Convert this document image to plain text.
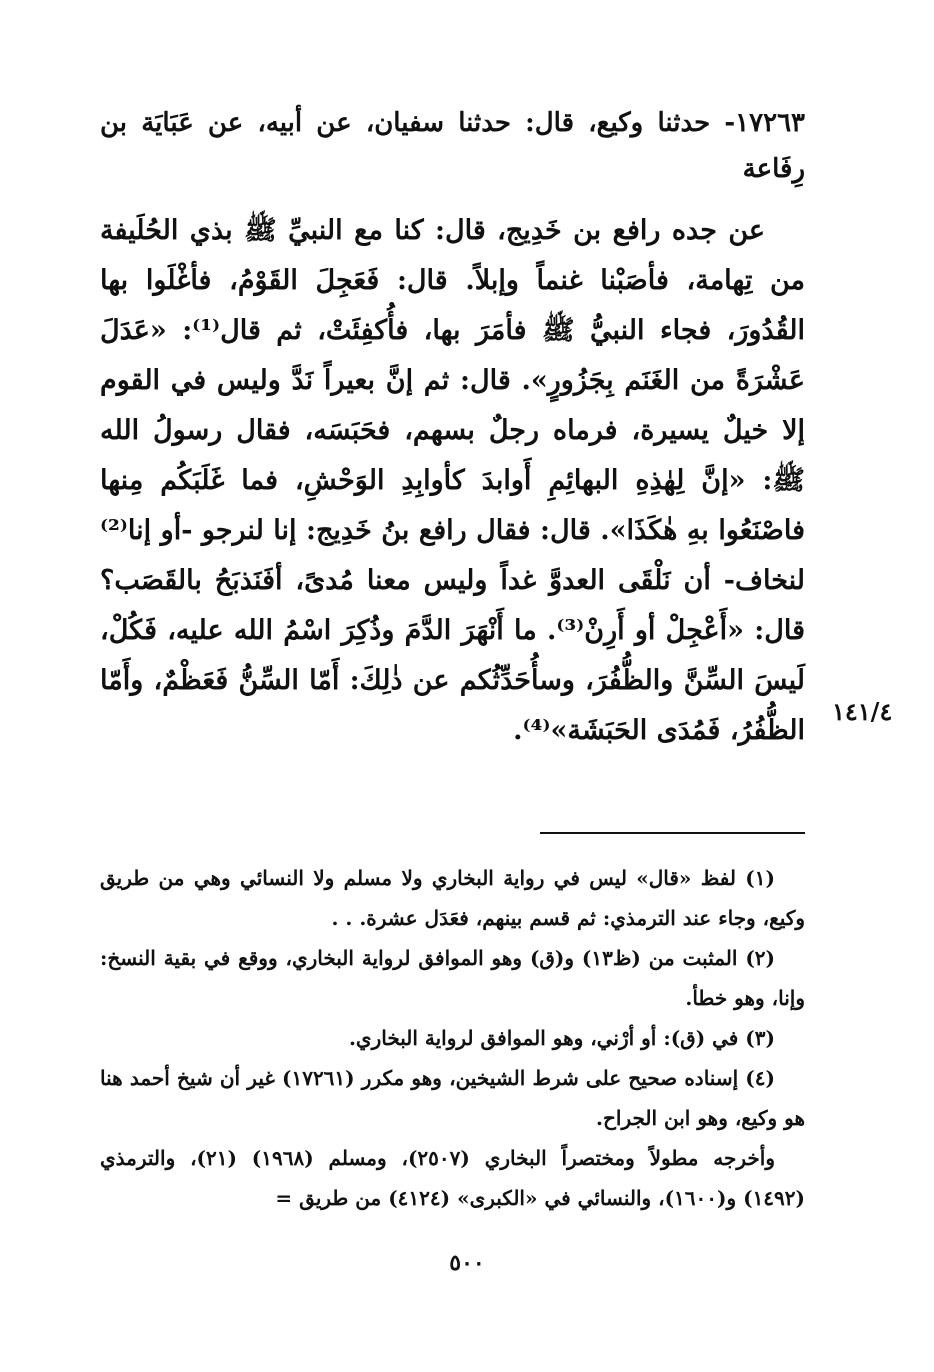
١٧٢٦٣- حدثنا وكيع، قال: حدثنا سفيان، عن أبيه، عن عَبَايَة بن رِفَاعة
عن جده رافع بن خَدِيج، قال: كنا مع النبيِّ ﷺ بذي الحُلَيفة من تِهامة، فأصَبْنا غنماً وإبلاً. قال: فَعَجِلَ القَوْمُ، فأغْلَوا بها القُدُورَ، فجاء النبيُّ ﷺ فأمَرَ بها، فأُكفِئَتْ، ثم قال⁽¹⁾: «عَدَلَ عَشْرَةً من الغَنَم بِجَزُورٍ». قال: ثم إنَّ بعيراً نَدَّ وليس في القوم إلا خيلٌ يسيرة، فرماه رجلٌ بسهم، فحَبَسَه، فقال رسولُ الله ﷺ: «إنَّ لِهٰذِهِ البهائِمِ أَوابدَ كأوابِدِ الوَحْشِ، فما غَلَبَكُم مِنها فاصْنَعُوا بهِ هٰكَذَا». قال: فقال رافع بنُ خَدِيج: إنا لنرجو -أو إنا⁽²⁾ لنخاف- أن نَلْقَى العدوَّ غداً وليس معنا مُدىً، أفَنَذبَحُ بالقَصَب؟ قال: «أَعْجِلْ أو أَرِنْ⁽³⁾. ما أَنْهَرَ الدَّمَ وذُكِرَ اسْمُ الله عليه، فَكُلْ، لَيسَ السِّنَّ والظُّفُرَ، وسأُحَدِّثُكم عن ذٰلِكَ: أَمّا السِّنُّ فَعَظْمٌ، وأَمّا الظُّفُرُ، فَمُدَى الحَبَشَة»⁽⁴⁾.
١٤١/٤

(١) لفظ «قال» ليس في رواية البخاري ولا مسلم ولا النسائي وهي من طريق وكيع، وجاء عند الترمذي: ثم قسم بينهم، فعَدَل عشرة. . .

(٢) المثبت من (ظ١٣) و(ق) وهو الموافق لرواية البخاري، ووقع في بقية النسخ: وإنا، وهو خطأ.

(٣) في (ق): أو أرْني، وهو الموافق لرواية البخاري.

(٤) إسناده صحيح على شرط الشيخين، وهو مكرر (١٧٢٦١) غير أن شيخ أحمد هنا هو وكيع، وهو ابن الجراح.

وأخرجه مطولاً ومختصراً البخاري (٢٥٠٧)، ومسلم (١٩٦٨) (٢١)، والترمذي (١٤٩٢) و(١٦٠٠)، والنسائي في «الكبرى» (٤١٢٤) من طريق =

٥٠٠
